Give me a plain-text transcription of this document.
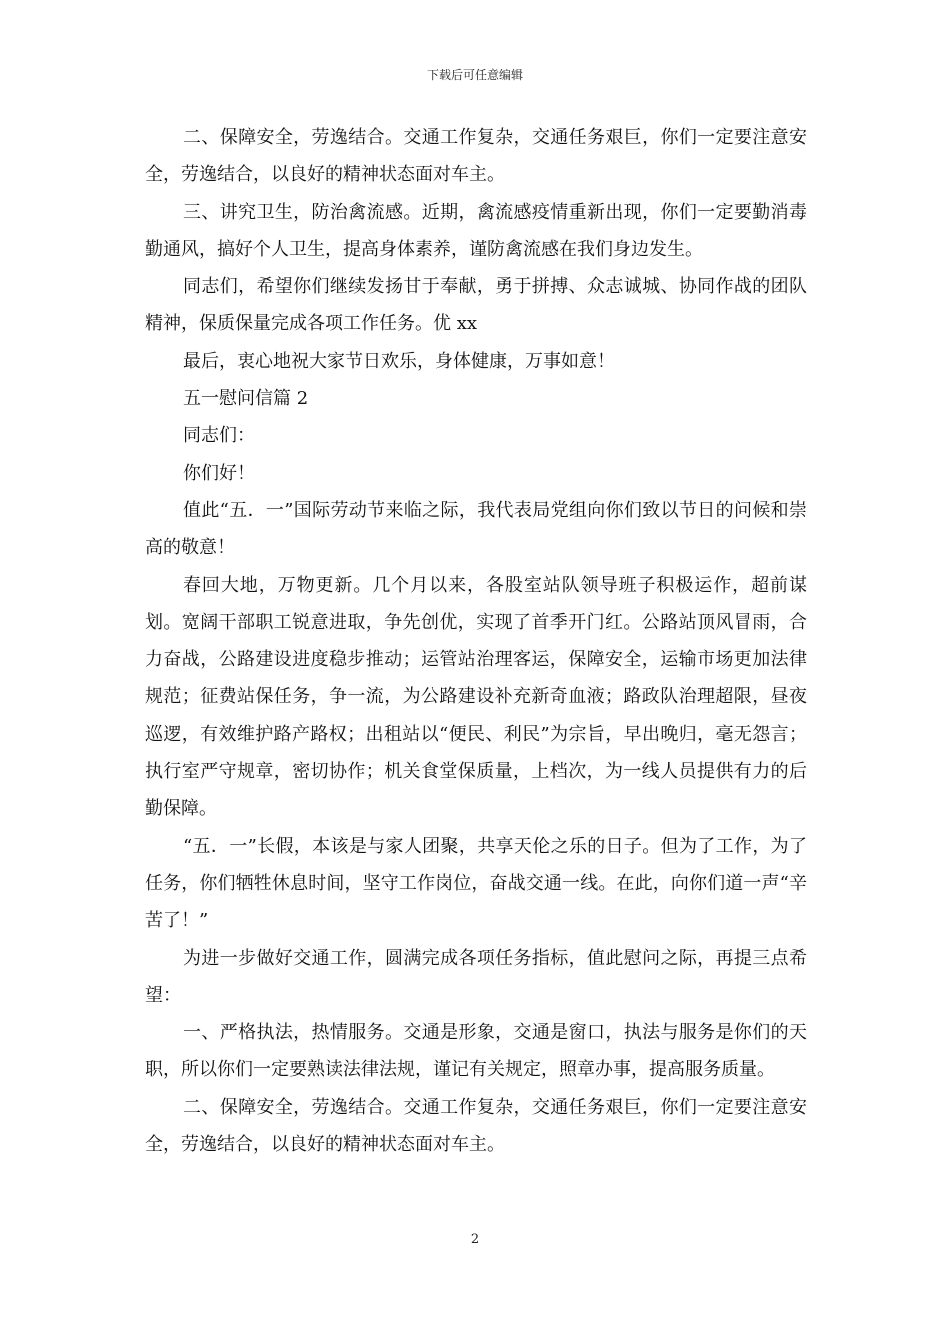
下载后可任意编辑

二、保障安全，劳逸结合。交通工作复杂，交通任务艰巨，你们一定要注意安全，劳逸结合，以良好的精神状态面对车主。

三、讲究卫生，防治禽流感。近期，禽流感疫情重新出现，你们一定要勤消毒勤通风，搞好个人卫生，提高身体素养，谨防禽流感在我们身边发生。

同志们，希望你们继续发扬甘于奉献，勇于拼搏、众志诚城、协同作战的团队精神，保质保量完成各项工作任务。优 xx

最后，衷心地祝大家节日欢乐，身体健康，万事如意！

五一慰问信篇 2

同志们：

你们好！

值此“五．一”国际劳动节来临之际，我代表局党组向你们致以节日的问候和崇高的敬意！

春回大地，万物更新。几个月以来，各股室站队领导班子积极运作，超前谋划。宽阔干部职工锐意进取，争先创优，实现了首季开门红。公路站顶风冒雨，合力奋战，公路建设进度稳步推动；运管站治理客运，保障安全，运输市场更加法律规范；征费站保任务，争一流，为公路建设补充新奇血液；路政队治理超限，昼夜巡逻，有效维护路产路权；出租站以“便民、利民”为宗旨，早出晚归，毫无怨言；执行室严守规章，密切协作；机关食堂保质量，上档次，为一线人员提供有力的后勤保障。

“五．一”长假，本该是与家人团聚，共享天伦之乐的日子。但为了工作，为了任务，你们牺牲休息时间，坚守工作岗位，奋战交通一线。在此，向你们道一声“辛苦了！”

为进一步做好交通工作，圆满完成各项任务指标，值此慰问之际，再提三点希望：

一、严格执法，热情服务。交通是形象，交通是窗口，执法与服务是你们的天职，所以你们一定要熟读法律法规，谨记有关规定，照章办事，提高服务质量。

二、保障安全，劳逸结合。交通工作复杂，交通任务艰巨，你们一定要注意安全，劳逸结合，以良好的精神状态面对车主。

2
